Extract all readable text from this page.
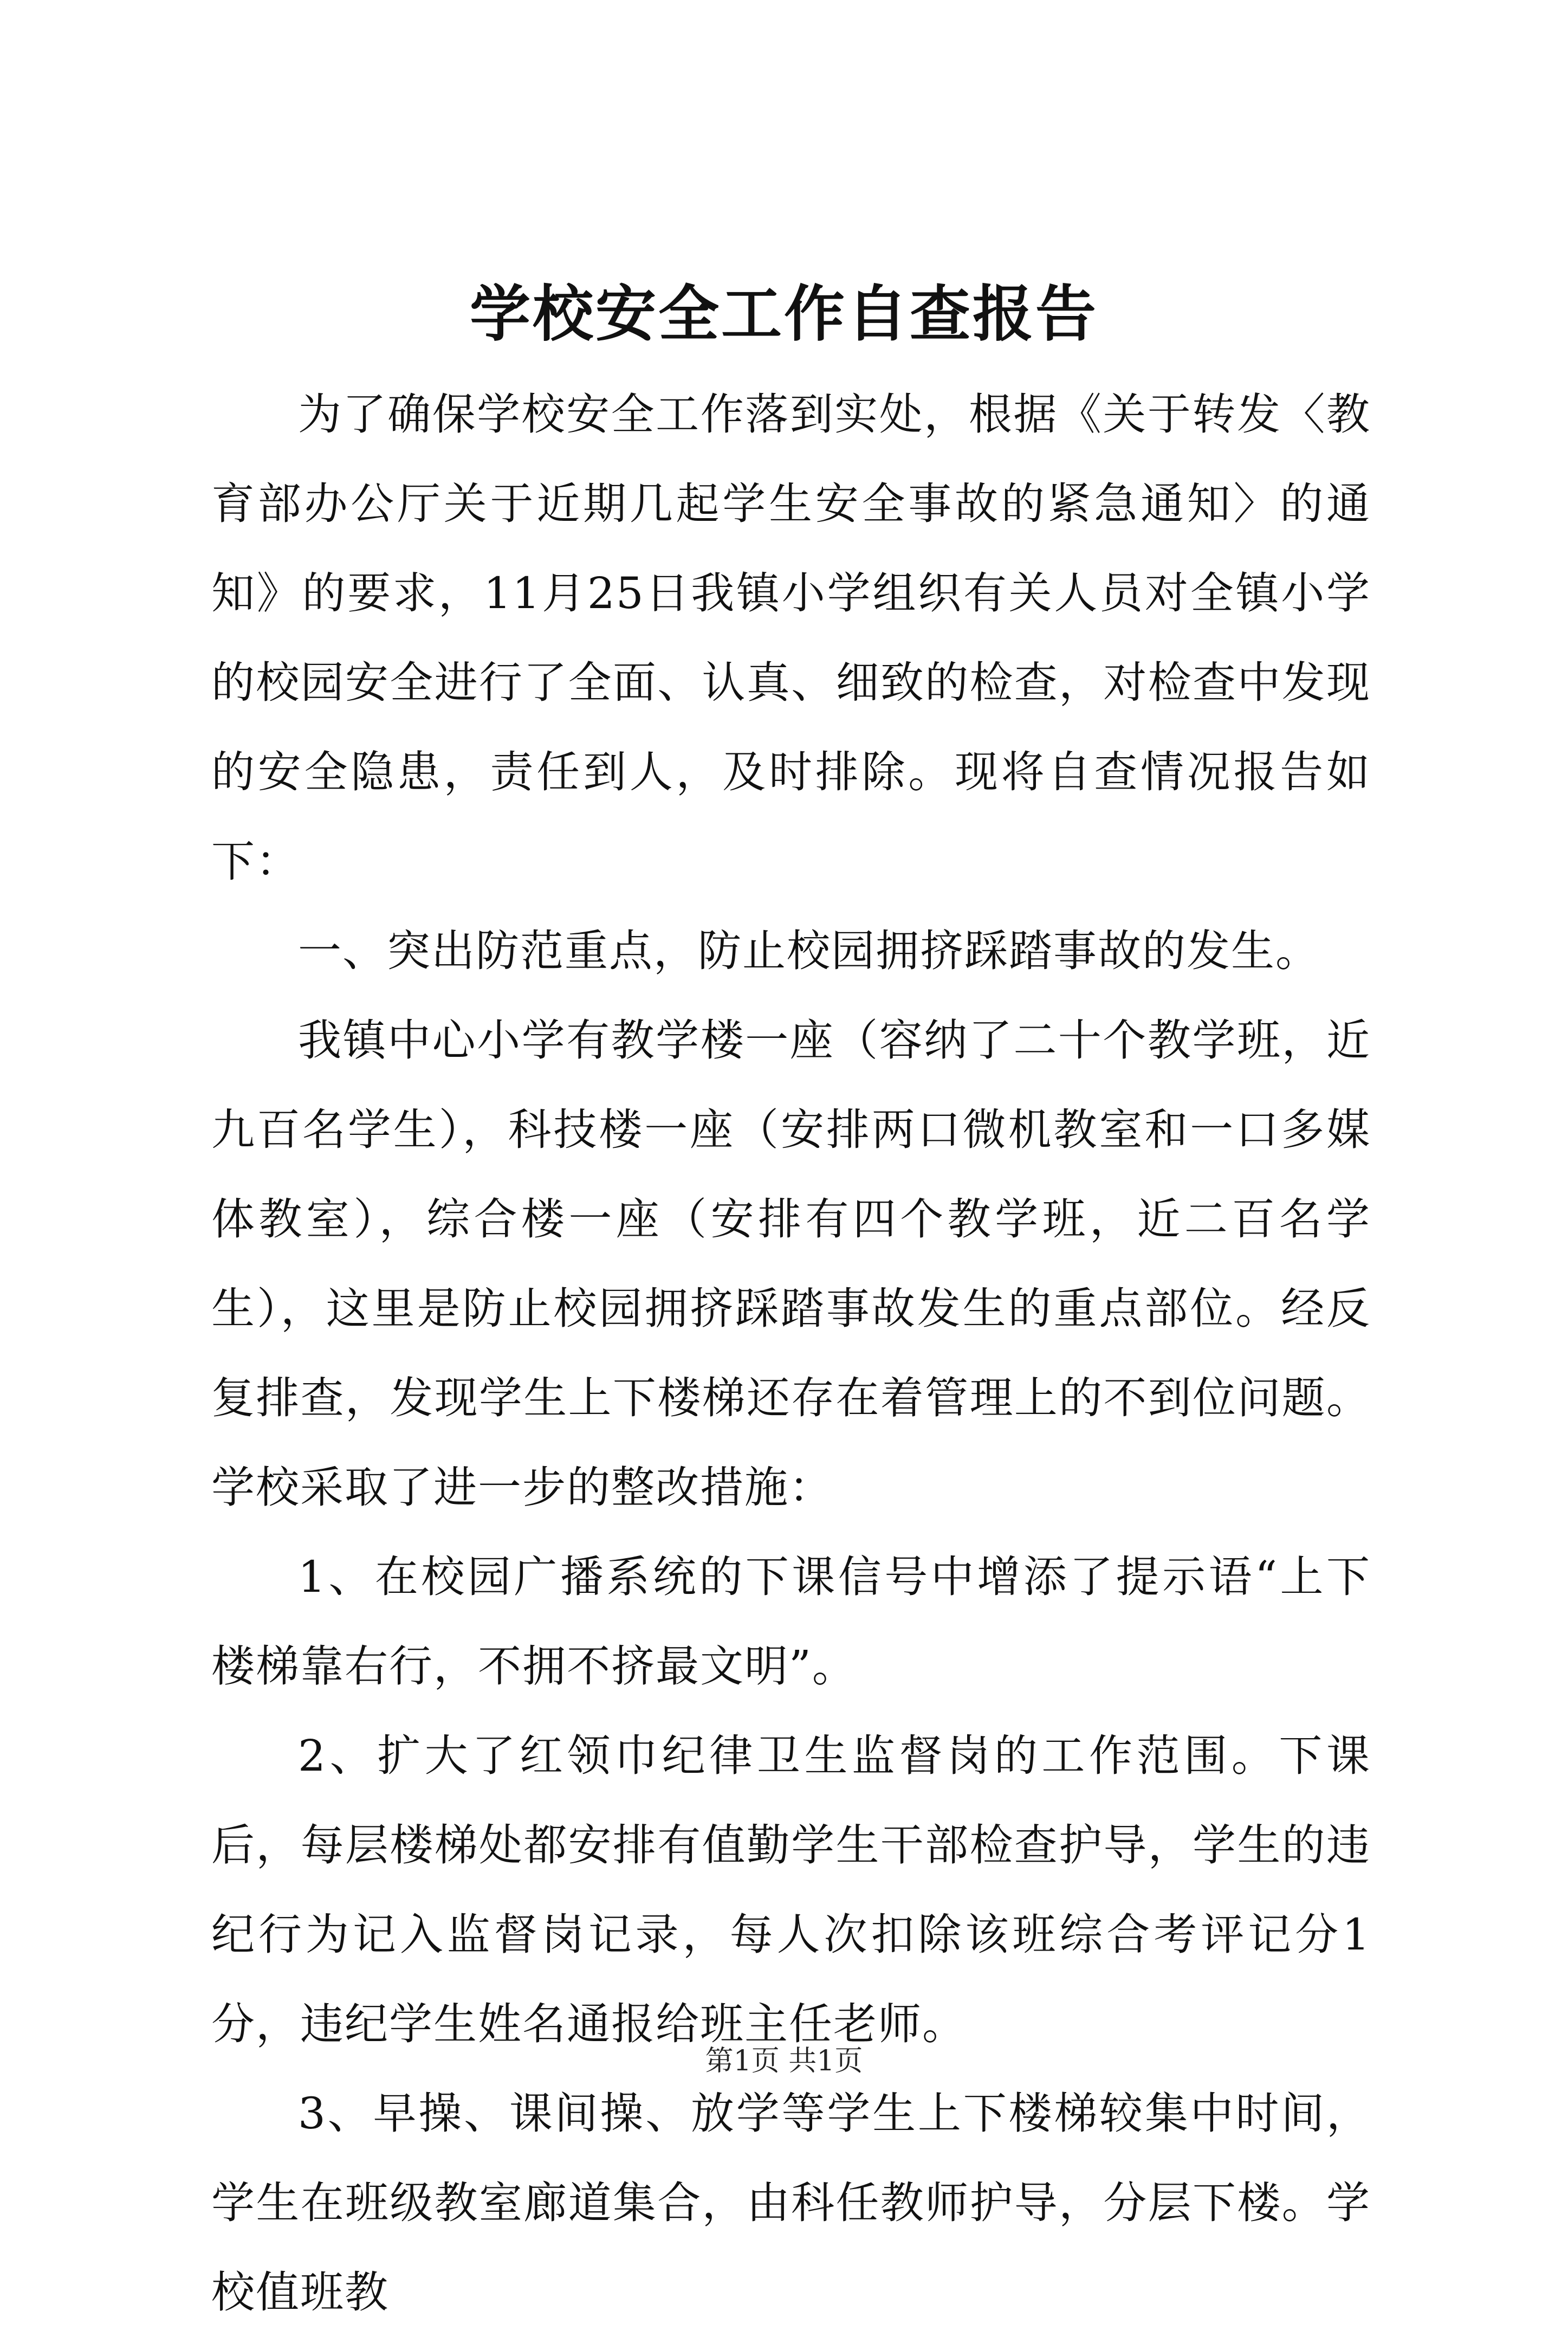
学校安全工作自查报告

为了确保学校安全工作落到实处，根据《关于转发〈教育部办公厅关于近期几起学生安全事故的紧急通知〉的通知》的要求，11月25日我镇小学组织有关人员对全镇小学的校园安全进行了全面、认真、细致的检查，对检查中发现的安全隐患，责任到人，及时排除。现将自查情况报告如下：

一、突出防范重点，防止校园拥挤踩踏事故的发生。

我镇中心小学有教学楼一座（容纳了二十个教学班，近九百名学生），科技楼一座（安排两口微机教室和一口多媒体教室），综合楼一座（安排有四个教学班，近二百名学生），这里是防止校园拥挤踩踏事故发生的重点部位。经反复排查，发现学生上下楼梯还存在着管理上的不到位问题。学校采取了进一步的整改措施：

1、在校园广播系统的下课信号中增添了提示语“上下楼梯靠右行，不拥不挤最文明”。

2、扩大了红领巾纪律卫生监督岗的工作范围。下课后，每层楼梯处都安排有值勤学生干部检查护导，学生的违纪行为记入监督岗记录，每人次扣除该班综合考评记分1分，违纪学生姓名通报给班主任老师。

3、早操、课间操、放学等学生上下楼梯较集中时间，学生在班级教室廊道集合，由科任教师护导，分层下楼。学校值班教

第1页 共1页
